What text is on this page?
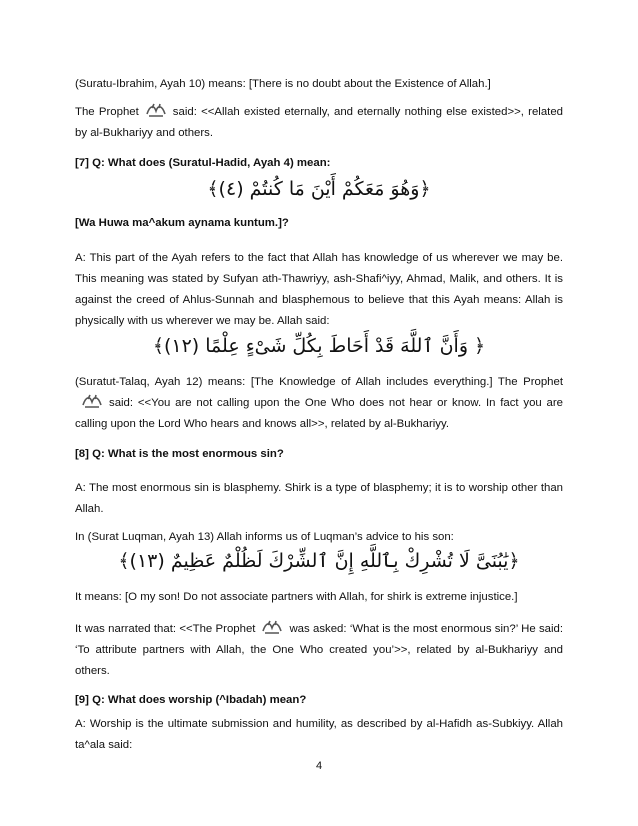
(Suratu-Ibrahim, Ayah 10) means: [There is no doubt about the Existence of Allah.]

The Prophet	said: <<Allah existed eternally, and eternally nothing else existed>>, related by al-Bukhariyy and others.

[7] Q: What does (Suratul-Hadid, Ayah 4) mean:

﴿وَهُوَ مَعَكُمْ أَيْنَ مَا كُنتُمْ (٤)﴾

[Wa Huwa ma^akum aynama kuntum.]?

A: This part of the Ayah refers to the fact that Allah has knowledge of us wherever we may be. This meaning was stated by Sufyan ath-Thawriyy, ash-Shafi^iyy, Ahmad, Malik, and others. It is against the creed of Ahlus-Sunnah and blasphemous to believe that this Ayah means: Allah is physically with us wherever we may be. Allah said:

﴿ وَأَنَّ ٱللَّهَ قَدْ أَحَاطَ بِكُلِّ شَىْءٍ عِلْمًا (١٢)﴾

(Suratut-Talaq, Ayah 12) means: [The Knowledge of Allah includes everything.] The Prophetsaid: <<You are not calling upon the One Who does not hear or know. In fact you are calling upon the Lord Who hears and knows all>>, related by al-Bukhariyy.

[8] Q: What is the most enormous sin?

A: The most enormous sin is blasphemy. Shirk is a type of blasphemy; it is to worship other than Allah.

In (Surat Luqman, Ayah 13) Allah informs us of Luqman’s advice to his son:

﴿يَٰبُنَىَّ لَا تُشْرِكْ بِٱللَّهِ إِنَّ ٱلشِّرْكَ لَظُلْمٌ عَظِيمٌ (١٣)﴾

It means: [O my son! Do not associate partners with Allah, for shirk is extreme injustice.]

It was narrated that: <<The Prophet	was asked: ‘What is the most enormous sin?’ He said: ‘To attribute partners with Allah, the One Who created you’>>, related by al-Bukhariyy and others.

[9] Q: What does worship (^Ibadah) mean?

A: Worship is the ultimate submission and humility, as described by al-Hafidh as-Subkiyy. Allah ta^ala said:

4
